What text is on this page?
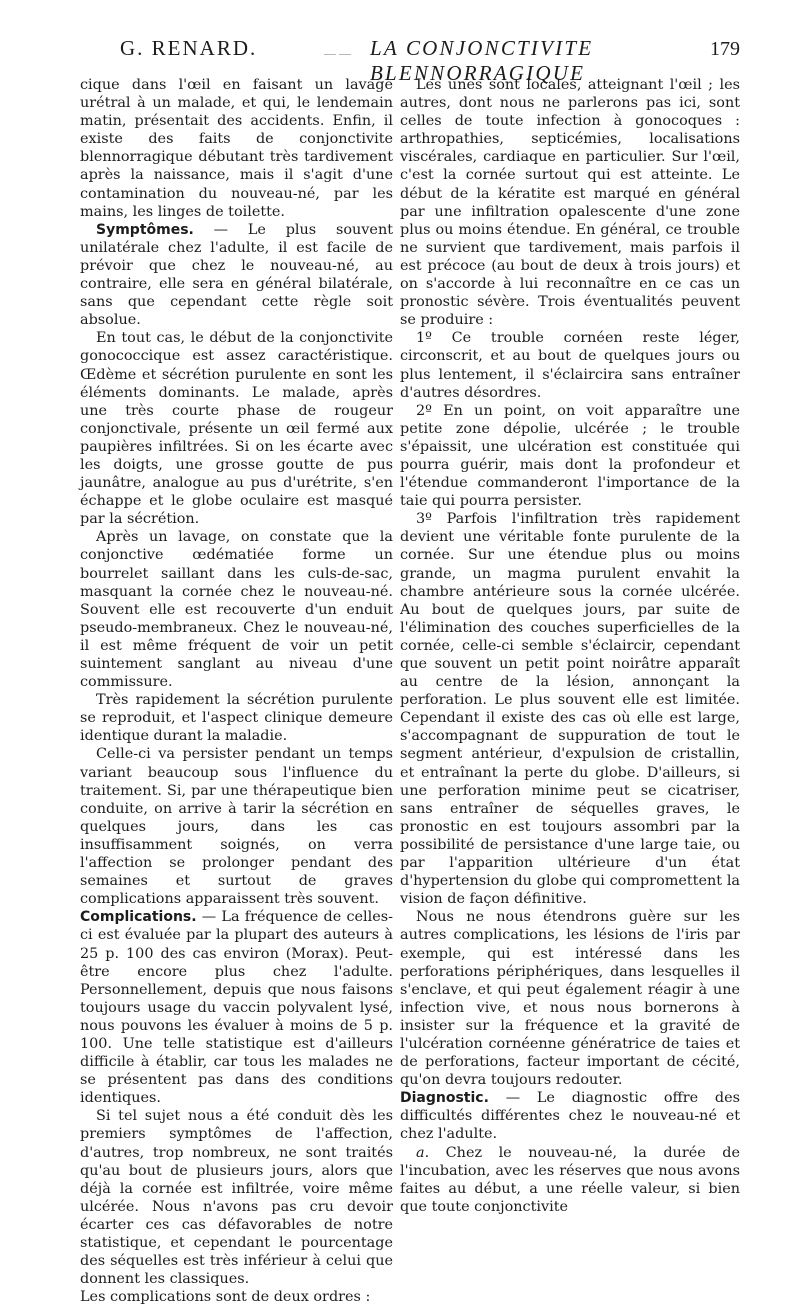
G. RENARD.	— — LA CONJONCTIVITE BLENNORRAGIQUE
179

cique dans l'œil en faisant un lavage urétral à un malade, et qui, le lendemain matin, présentait des accidents. Enfin, il existe des faits de conjonctivite blennorragique débutant très tardivement après la naissance, mais il s'agit d'une contamination du nouveau-né, par les mains, les linges de toilette.

Symptômes. — Le plus souvent unilatérale chez l'adulte, il est facile de prévoir que chez le nouveau-né, au contraire, elle sera en général bilatérale, sans que cependant cette règle soit absolue.

En tout cas, le début de la conjonctivite gonococcique est assez caractéristique. Œdème et sécrétion purulente en sont les éléments dominants. Le malade, après une très courte phase de rougeur conjonctivale, présente un œil fermé aux paupières infiltrées. Si on les écarte avec les doigts, une grosse goutte de pus jaunâtre, analogue au pus d'urétrite, s'en échappe et le globe oculaire est masqué par la sécrétion.

Après un lavage, on constate que la conjonctive œdématiée forme un bourrelet saillant dans les culs-de-sac, masquant la cornée chez le nouveau-né. Souvent elle est recouverte d'un enduit pseudo-membraneux. Chez le nouveau-né, il est même fréquent de voir un petit suintement sanglant au niveau d'une commissure.

Très rapidement la sécrétion purulente se reproduit, et l'aspect clinique demeure identique durant la maladie.

Celle-ci va persister pendant un temps variant beaucoup sous l'influence du traitement. Si, par une thérapeutique bien conduite, on arrive à tarir la sécrétion en quelques jours, dans les cas insuffisamment soignés, on verra l'affection se prolonger pendant des semaines et surtout de graves complications apparaissent très souvent.

Complications. — La fréquence de celles-ci est évaluée par la plupart des auteurs à 25 p. 100 des cas environ (Morax). Peut-être encore plus chez l'adulte. Personnellement, depuis que nous faisons toujours usage du vaccin polyvalent lysé, nous pouvons les évaluer à moins de 5 p. 100. Une telle statistique est d'ailleurs difficile à établir, car tous les malades ne se présentent pas dans des conditions identiques.

Si tel sujet nous a été conduit dès les premiers symptômes de l'affection, d'autres, trop nombreux, ne sont traités qu'au bout de plusieurs jours, alors que déjà la cornée est infiltrée, voire même ulcérée. Nous n'avons pas cru devoir écarter ces cas défavorables de notre statistique, et cependant le pourcentage des séquelles est très inférieur à celui que donnent les classiques.

Les complications sont de deux ordres :

Les unes sont locales, atteignant l'œil ; les autres, dont nous ne parlerons pas ici, sont celles de toute infection à gonocoques : arthropathies, septicémies, localisations viscérales, cardiaque en particulier. Sur l'œil, c'est la cornée surtout qui est atteinte. Le début de la kératite est marqué en général par une infiltration opalescente d'une zone plus ou moins étendue. En général, ce trouble ne survient que tardivement, mais parfois il est précoce (au bout de deux à trois jours) et on s'accorde à lui reconnaître en ce cas un pronostic sévère. Trois éventualités peuvent se produire :

1º Ce trouble cornéen reste léger, circonscrit, et au bout de quelques jours ou plus lentement, il s'éclaircira sans entraîner d'autres désordres.

2º En un point, on voit apparaître une petite zone dépolie, ulcérée ; le trouble s'épaissit, une ulcération est constituée qui pourra guérir, mais dont la profondeur et l'étendue commanderont l'importance de la taie qui pourra persister.

3º Parfois l'infiltration très rapidement devient une véritable fonte purulente de la cornée. Sur une étendue plus ou moins grande, un magma purulent envahit la chambre antérieure sous la cornée ulcérée. Au bout de quelques jours, par suite de l'élimination des couches superficielles de la cornée, celle-ci semble s'éclaircir, cependant que souvent un petit point noirâtre apparaît au centre de la lésion, annonçant la perforation. Le plus souvent elle est limitée. Cependant il existe des cas où elle est large, s'accompagnant de suppuration de tout le segment antérieur, d'expulsion de cristallin, et entraînant la perte du globe. D'ailleurs, si une perforation minime peut se cicatriser, sans entraîner de séquelles graves, le pronostic en est toujours assombri par la possibilité de persistance d'une large taie, ou par l'apparition ultérieure d'un état d'hypertension du globe qui compromettent la vision de façon définitive.

Nous ne nous étendrons guère sur les autres complications, les lésions de l'iris par exemple, qui est intéressé dans les perforations périphériques, dans lesquelles il s'enclave, et qui peut également réagir à une infection vive, et nous nous bornerons à insister sur la fréquence et la gravité de l'ulcération cornéenne génératrice de taies et de perforations, facteur important de cécité, qu'on devra toujours redouter.

Diagnostic. — Le diagnostic offre des difficultés différentes chez le nouveau-né et chez l'adulte.

a. Chez le nouveau-né, la durée de l'incubation, avec les réserves que nous avons faites au début, a une réelle valeur, si bien que toute conjonctivite
